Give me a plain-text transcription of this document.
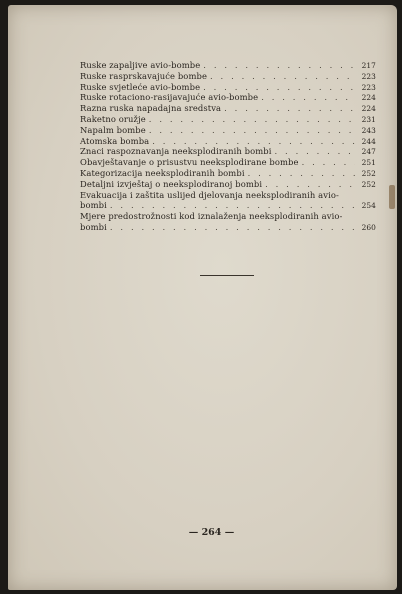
Ruske zapaljive avio-bombe . . .	217
Ruske rasprskavajuće bombe . . .	223
Ruske svjetleće avio-bombe . . .	223
Ruske rotaciono-rasijavajuće avio-bombe . . .	224
Razna ruska napadajna sredstva . . .	224
Raketno oružje . . .	231
Napalm bombe . . .	243
Atomska bomba . . .	244
Znaci raspoznavanja neeksplodiranih bombi . . .	247
Obavještavanje o prisustvu neeksplodirane bombe . . .	251
Kategorizacija neeksplodiranih bombi . . .	252
Detaljni izvještaj o neeksplodiranoj bombi . . .	252
Evakuacija i zaštita uslijed djelovanja neeksplodiranih avio-
bombi . . .	254
Mjere predostrožnosti kod iznalaženja neeksplodiranih avio-
bombi . . .	260
— 264 —
